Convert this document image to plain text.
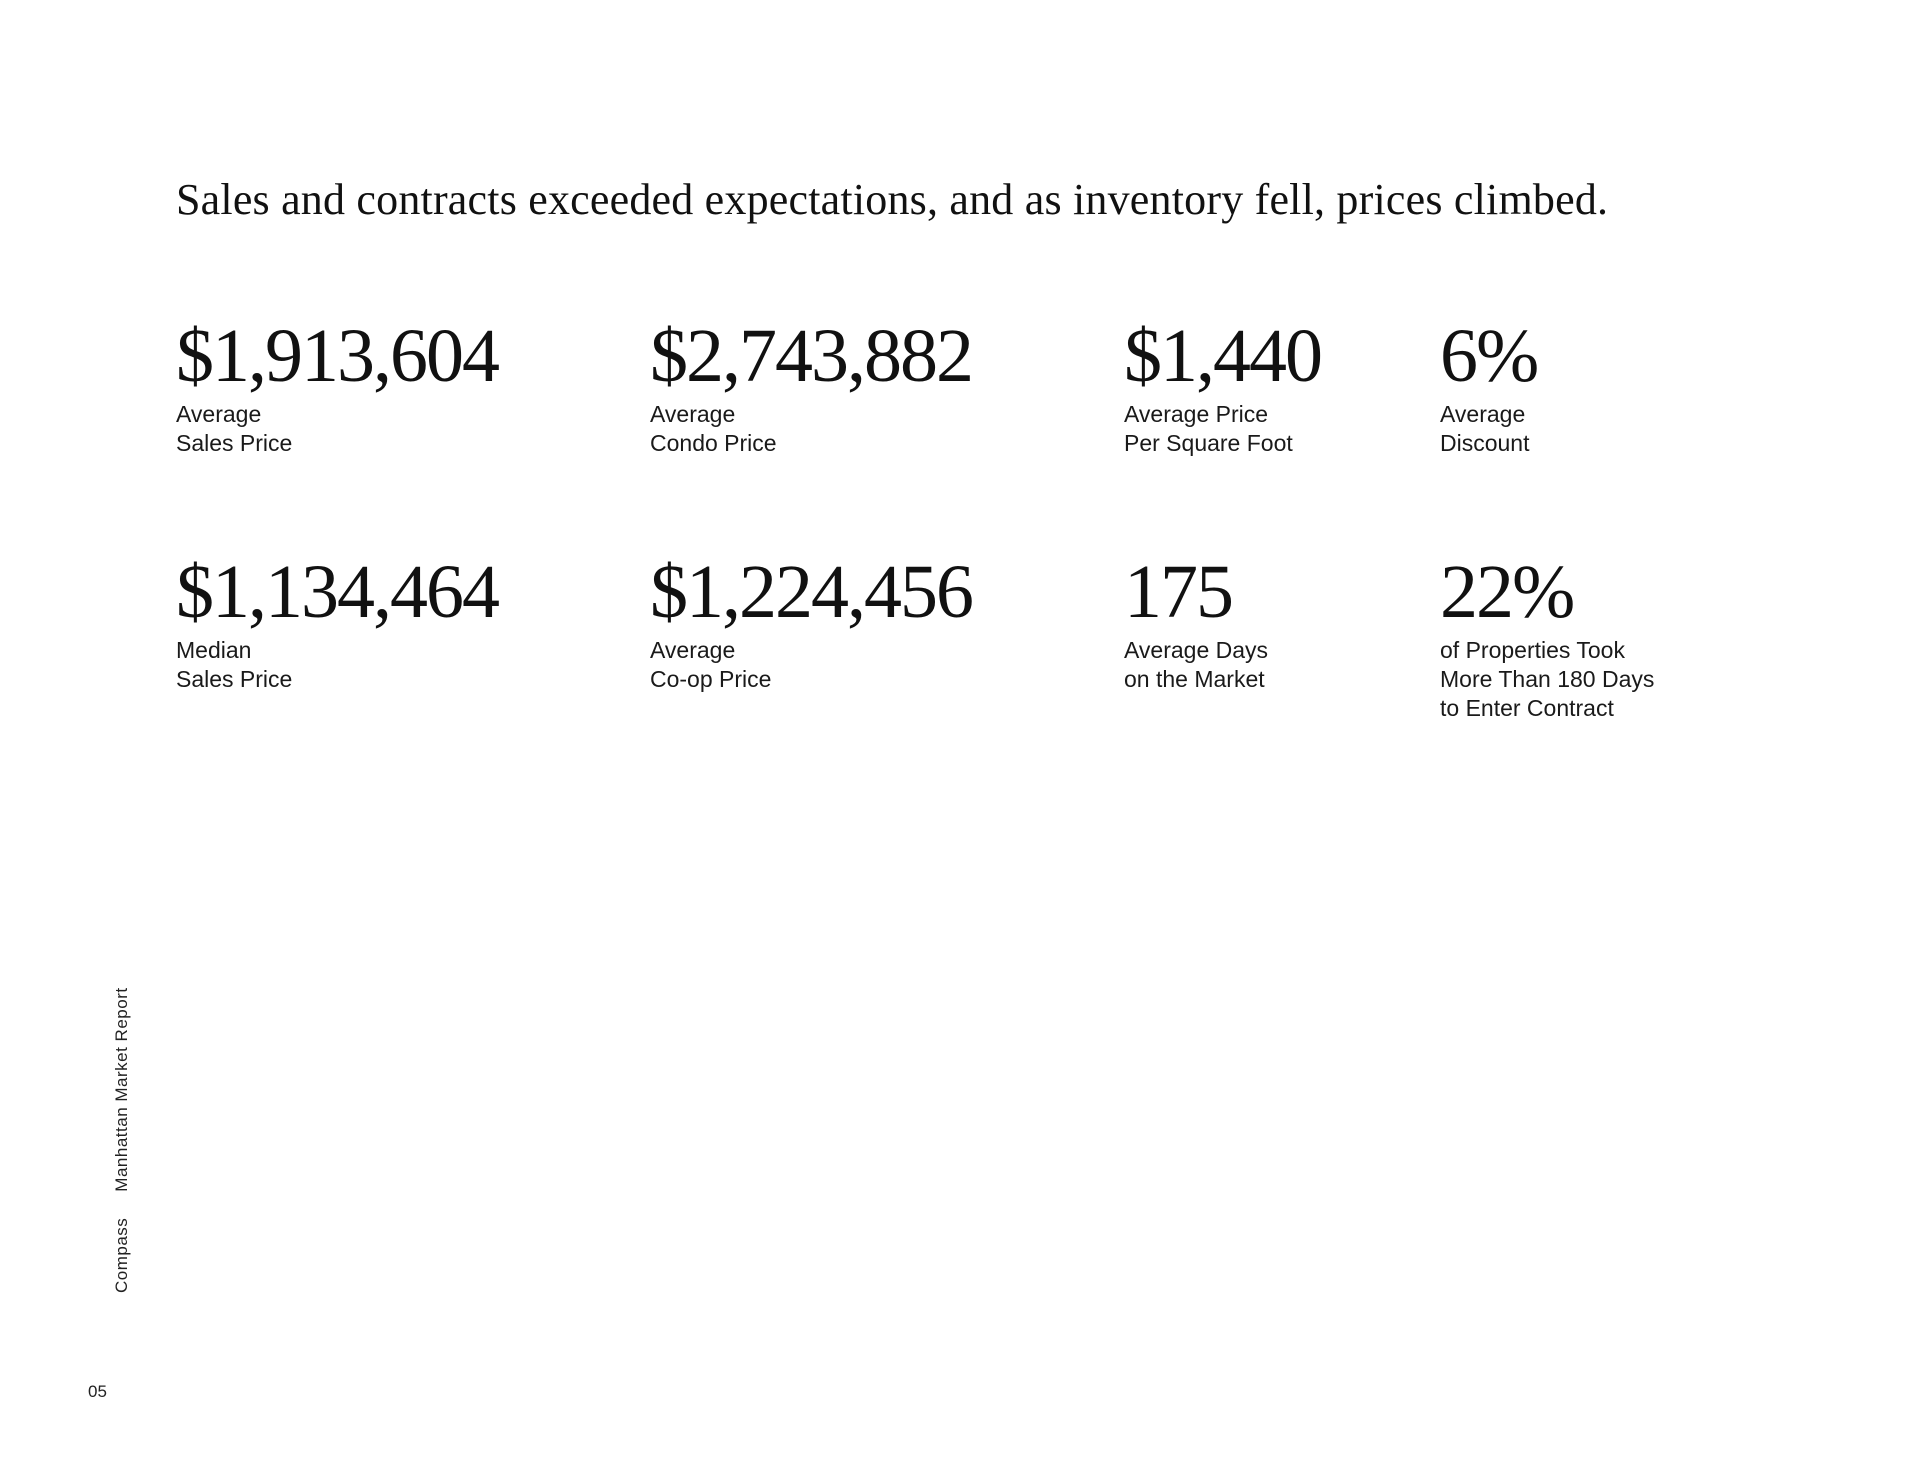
Sales and contracts exceeded expectations, and as inventory fell, prices climbed.
$1,913,604
Average
Sales Price
$2,743,882
Average
Condo Price
$1,440
Average Price
Per Square Foot
6%
Average
Discount
$1,134,464
Median
Sales Price
$1,224,456
Average
Co-op Price
175
Average Days
on the Market
22%
of Properties Took
More Than 180 Days
to Enter Contract
CompassManhattan Market Report
05
